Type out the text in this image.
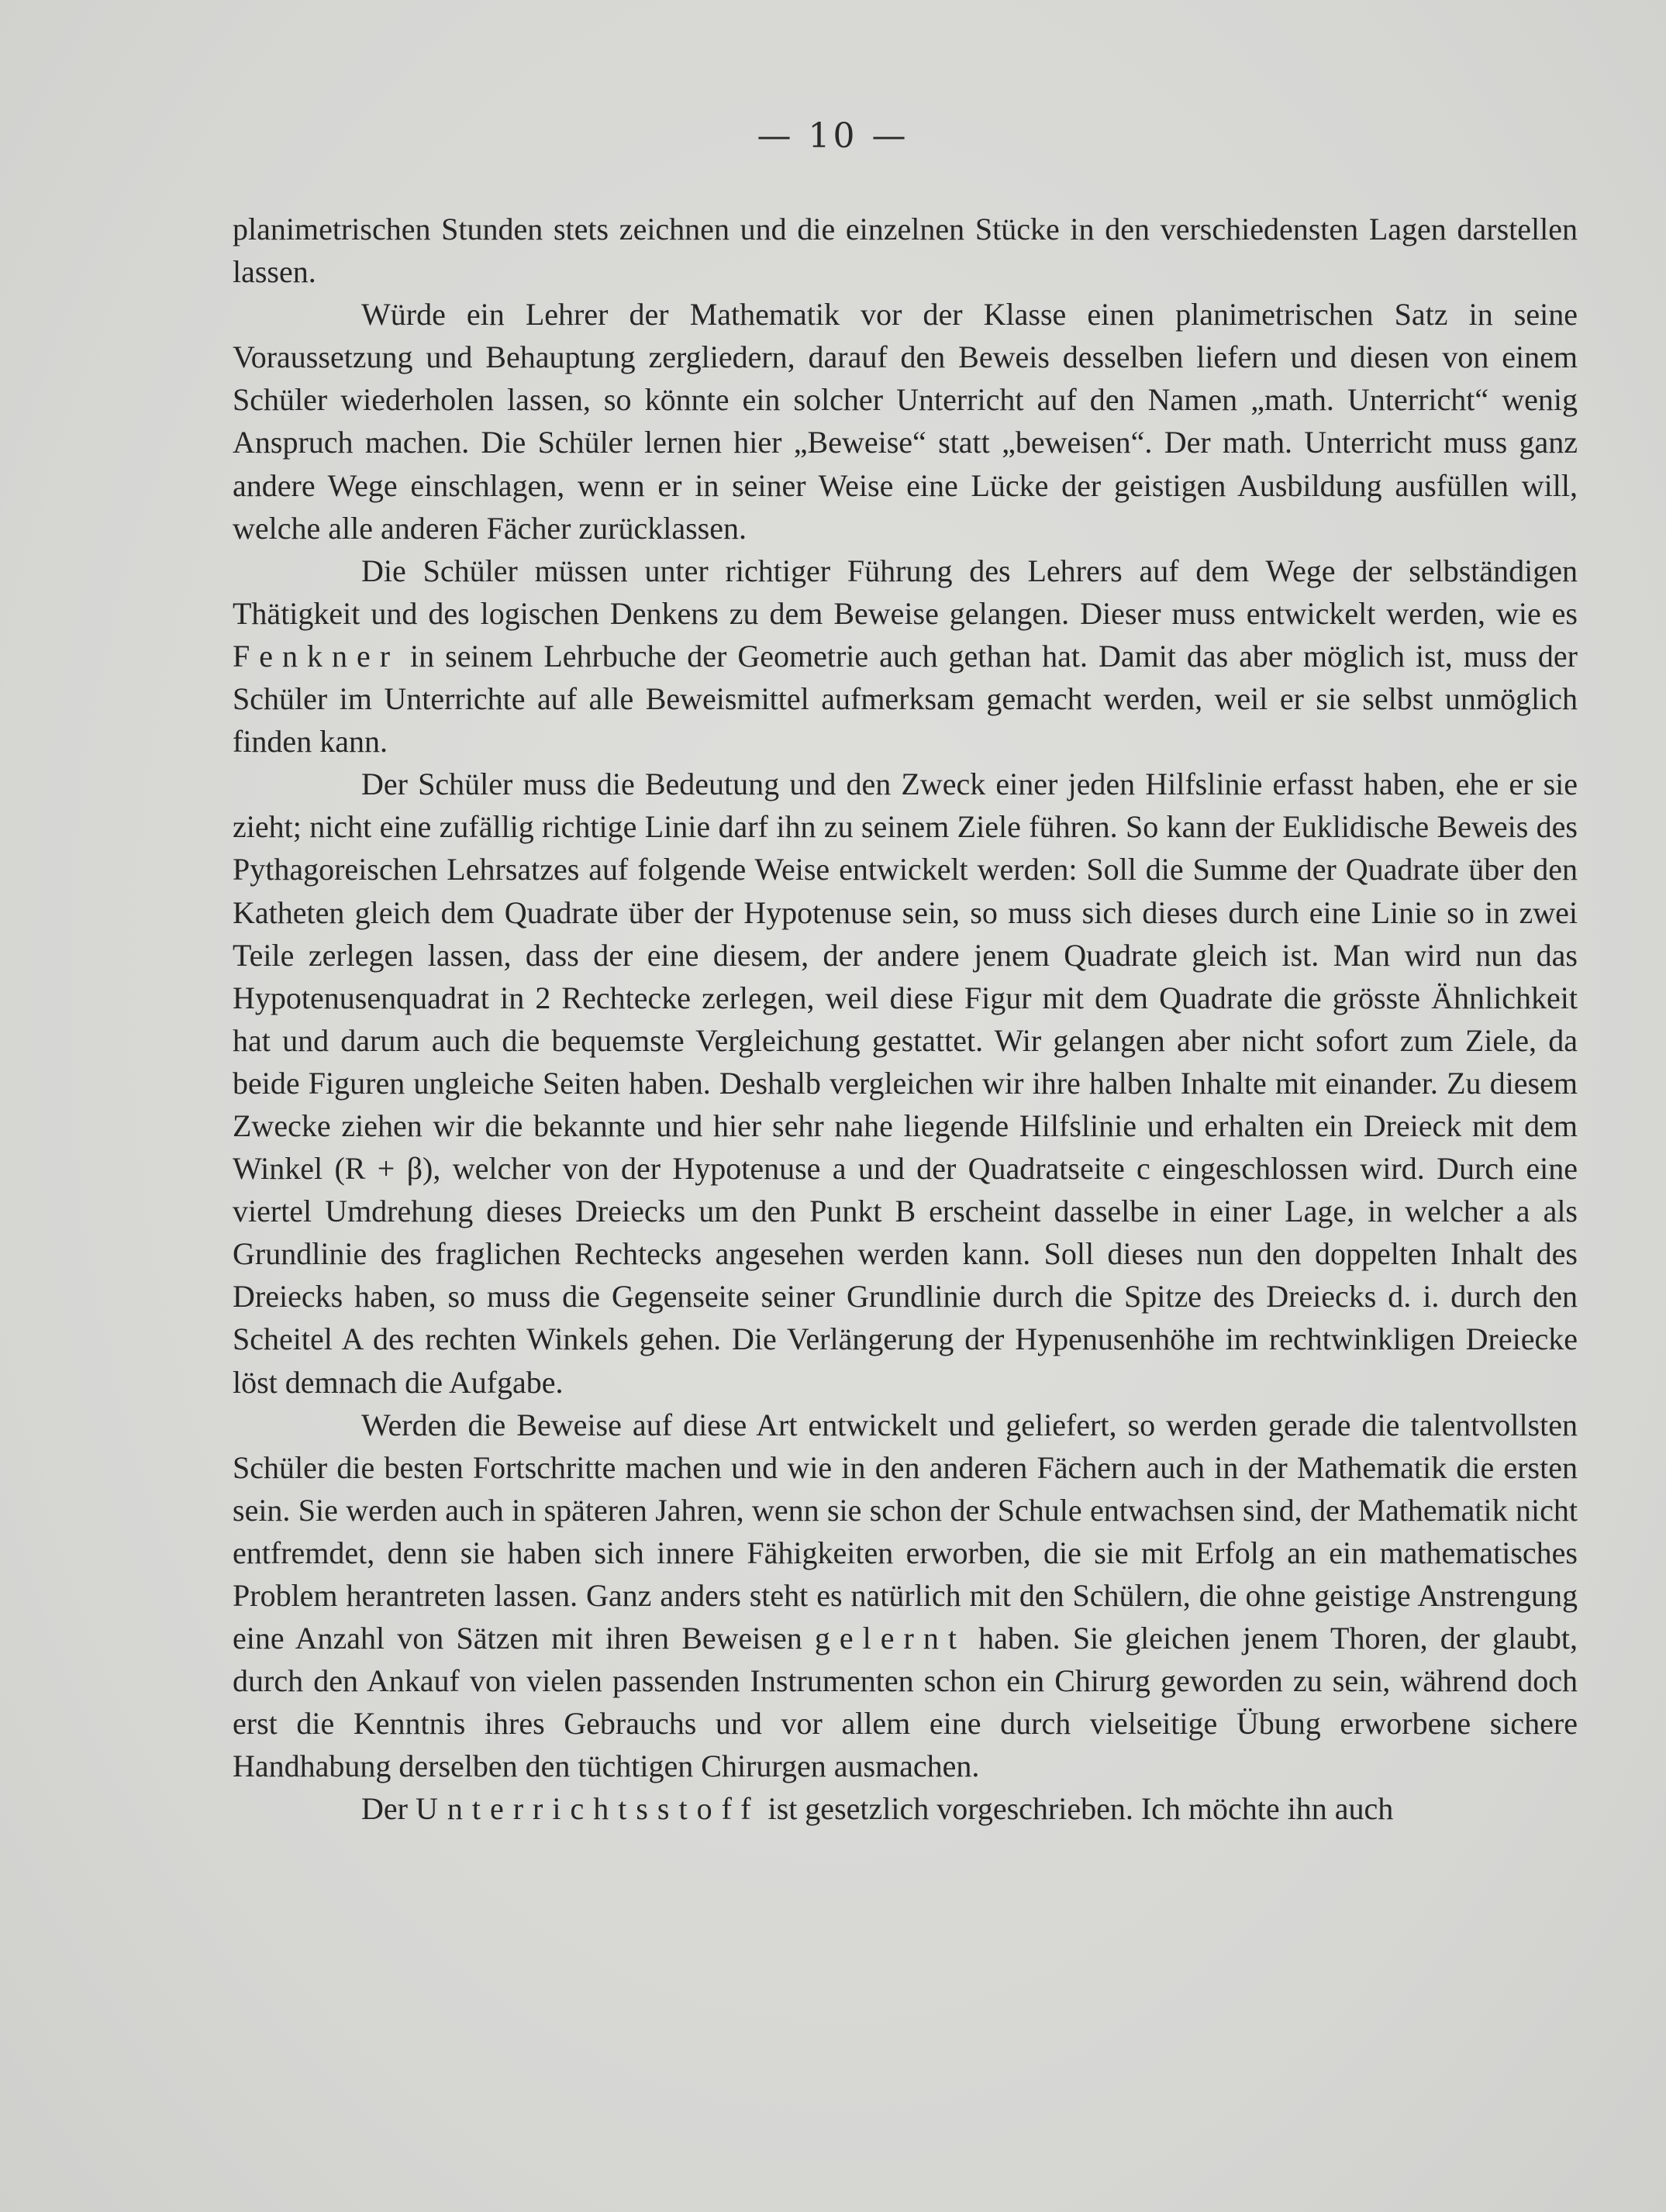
— 10 —

planimetrischen Stunden stets zeichnen und die einzelnen Stücke in den verschiedensten Lagen darstellen lassen.

Würde ein Lehrer der Mathematik vor der Klasse einen planimetrischen Satz in seine Voraussetzung und Behauptung zergliedern, darauf den Beweis desselben liefern und diesen von einem Schüler wiederholen lassen, so könnte ein solcher Unterricht auf den Namen „math. Unterricht“ wenig Anspruch machen. Die Schüler lernen hier „Beweise“ statt „beweisen“. Der math. Unterricht muss ganz andere Wege einschlagen, wenn er in seiner Weise eine Lücke der geistigen Ausbildung ausfüllen will, welche alle anderen Fächer zurücklassen.

Die Schüler müssen unter richtiger Führung des Lehrers auf dem Wege der selbständigen Thätigkeit und des logischen Denkens zu dem Beweise gelangen. Dieser muss entwickelt werden, wie es Fenkner in seinem Lehrbuche der Geometrie auch gethan hat. Damit das aber möglich ist, muss der Schüler im Unterrichte auf alle Beweismittel aufmerksam gemacht werden, weil er sie selbst unmöglich finden kann.

Der Schüler muss die Bedeutung und den Zweck einer jeden Hilfslinie erfasst haben, ehe er sie zieht; nicht eine zufällig richtige Linie darf ihn zu seinem Ziele führen. So kann der Euklidische Beweis des Pythagoreischen Lehrsatzes auf folgende Weise entwickelt werden: Soll die Summe der Quadrate über den Katheten gleich dem Quadrate über der Hypotenuse sein, so muss sich dieses durch eine Linie so in zwei Teile zerlegen lassen, dass der eine diesem, der andere jenem Quadrate gleich ist. Man wird nun das Hypotenusenquadrat in 2 Rechtecke zerlegen, weil diese Figur mit dem Quadrate die grösste Ähnlichkeit hat und darum auch die bequemste Vergleichung gestattet. Wir gelangen aber nicht sofort zum Ziele, da beide Figuren ungleiche Seiten haben. Deshalb vergleichen wir ihre halben Inhalte mit einander. Zu diesem Zwecke ziehen wir die bekannte und hier sehr nahe liegende Hilfslinie und erhalten ein Dreieck mit dem Winkel (R + β), welcher von der Hypotenuse a und der Quadratseite c eingeschlossen wird. Durch eine viertel Umdrehung dieses Dreiecks um den Punkt B erscheint dasselbe in einer Lage, in welcher a als Grundlinie des fraglichen Rechtecks angesehen werden kann. Soll dieses nun den doppelten Inhalt des Dreiecks haben, so muss die Gegenseite seiner Grundlinie durch die Spitze des Dreiecks d. i. durch den Scheitel A des rechten Winkels gehen. Die Verlängerung der Hypenusenhöhe im rechtwinkligen Dreiecke löst demnach die Aufgabe.

Werden die Beweise auf diese Art entwickelt und geliefert, so werden gerade die talentvollsten Schüler die besten Fortschritte machen und wie in den anderen Fächern auch in der Mathematik die ersten sein. Sie werden auch in späteren Jahren, wenn sie schon der Schule entwachsen sind, der Mathematik nicht entfremdet, denn sie haben sich innere Fähigkeiten erworben, die sie mit Erfolg an ein mathematisches Problem herantreten lassen. Ganz anders steht es natürlich mit den Schülern, die ohne geistige Anstrengung eine Anzahl von Sätzen mit ihren Beweisen gelernt haben. Sie gleichen jenem Thoren, der glaubt, durch den Ankauf von vielen passenden Instrumenten schon ein Chirurg geworden zu sein, während doch erst die Kenntnis ihres Gebrauchs und vor allem eine durch vielseitige Übung erworbene sichere Handhabung derselben den tüchtigen Chirurgen ausmachen.

Der Unterrichtsstoff ist gesetzlich vorgeschrieben. Ich möchte ihn auch
